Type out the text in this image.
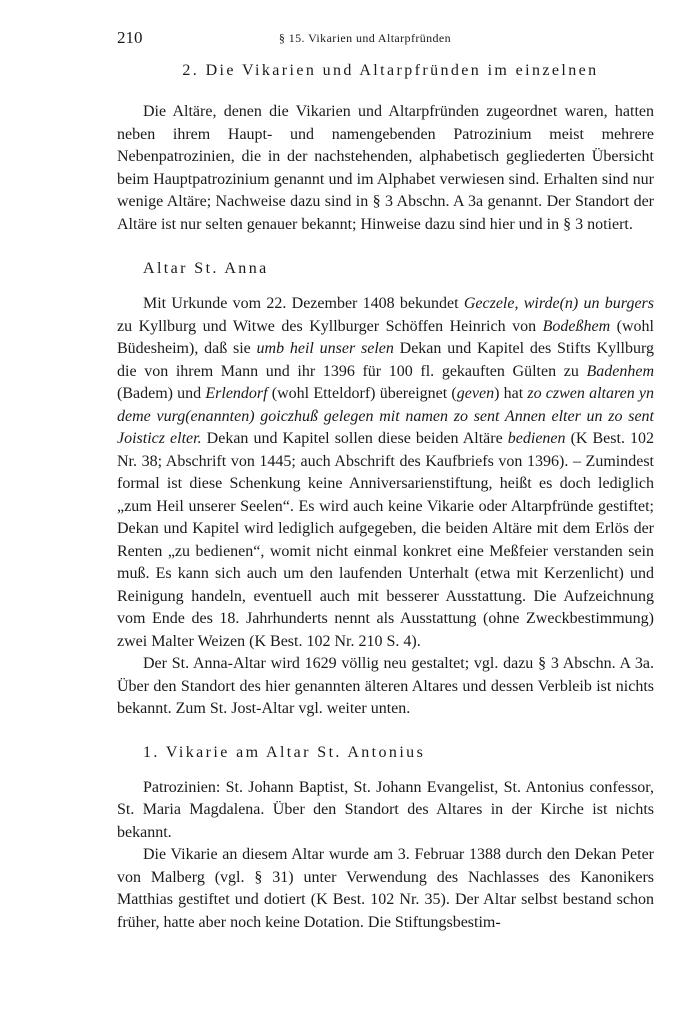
210	§ 15. Vikarien und Altarpfründen
2. Die Vikarien und Altarpfründen im einzelnen

Die Altäre, denen die Vikarien und Altarpfründen zugeordnet waren, hatten neben ihrem Haupt- und namengebenden Patrozinium meist mehrere Nebenpatrozinien, die in der nachstehenden, alphabetisch gegliederten Übersicht beim Hauptpatrozinium genannt und im Alphabet verwiesen sind. Erhalten sind nur wenige Altäre; Nachweise dazu sind in § 3 Abschn. A 3a genannt. Der Standort der Altäre ist nur selten genauer bekannt; Hinweise dazu sind hier und in § 3 notiert.

Altar St. Anna

Mit Urkunde vom 22. Dezember 1408 bekundet Geczele, wirde(n) un burgers zu Kyllburg und Witwe des Kyllburger Schöffen Heinrich von Bodeßhem (wohl Büdesheim), daß sie umb heil unser selen Dekan und Kapitel des Stifts Kyllburg die von ihrem Mann und ihr 1396 für 100 fl. gekauften Gülten zu Badenhem (Badem) und Erlendorf (wohl Etteldorf) übereignet (geven) hat zo czwen altaren yn deme vurg(enannten) goiczhuß gelegen mit namen zo sent Annen elter un zo sent Joisticz elter. Dekan und Kapitel sollen diese beiden Altäre bedienen (K Best. 102 Nr. 38; Abschrift von 1445; auch Abschrift des Kaufbriefs von 1396). – Zumindest formal ist diese Schenkung keine Anniversarienstiftung, heißt es doch lediglich „zum Heil unserer Seelen“. Es wird auch keine Vikarie oder Altarpfründe gestiftet; Dekan und Kapitel wird lediglich aufgegeben, die beiden Altäre mit dem Erlös der Renten „zu bedienen“, womit nicht einmal konkret eine Meßfeier verstanden sein muß. Es kann sich auch um den laufenden Unterhalt (etwa mit Kerzenlicht) und Reinigung handeln, eventuell auch mit besserer Ausstattung. Die Aufzeichnung vom Ende des 18. Jahrhunderts nennt als Ausstattung (ohne Zweckbestimmung) zwei Malter Weizen (K Best. 102 Nr. 210 S. 4).

Der St. Anna-Altar wird 1629 völlig neu gestaltet; vgl. dazu § 3 Abschn. A 3a. Über den Standort des hier genannten älteren Altares und dessen Verbleib ist nichts bekannt. Zum St. Jost-Altar vgl. weiter unten.

1. Vikarie am Altar St. Antonius

Patrozinien: St. Johann Baptist, St. Johann Evangelist, St. Antonius confessor, St. Maria Magdalena. Über den Standort des Altares in der Kirche ist nichts bekannt.

Die Vikarie an diesem Altar wurde am 3. Februar 1388 durch den Dekan Peter von Malberg (vgl. § 31) unter Verwendung des Nachlasses des Kanonikers Matthias gestiftet und dotiert (K Best. 102 Nr. 35). Der Altar selbst bestand schon früher, hatte aber noch keine Dotation. Die Stiftungsbestim-
